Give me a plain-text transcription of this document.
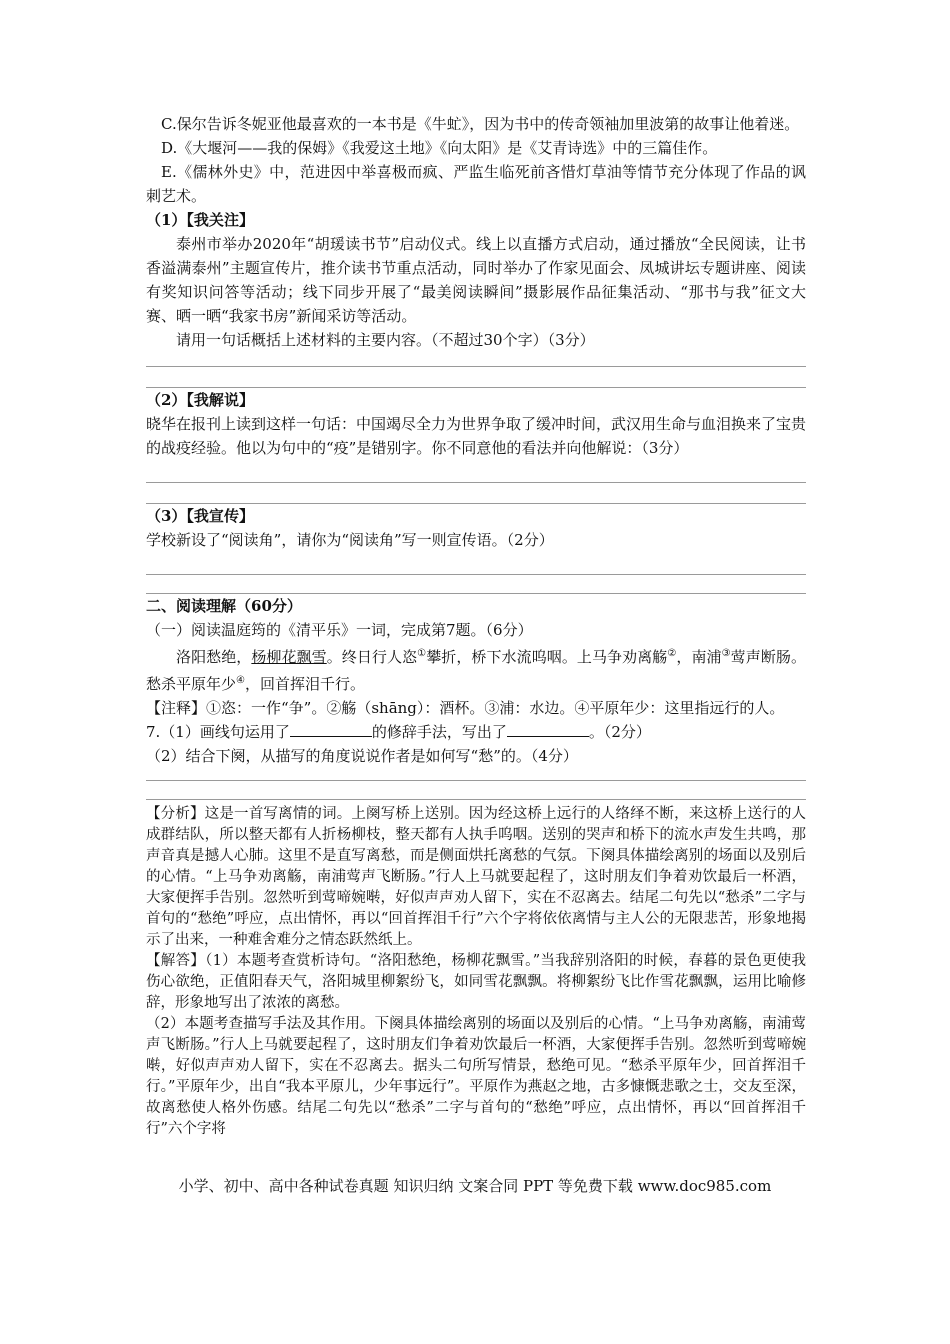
C.保尔告诉冬妮亚他最喜欢的一本书是《牛虻》，因为书中的传奇领袖加里波第的故事让他着迷。

D.《大堰河——我的保姆》《我爱这土地》《向太阳》是《艾青诗选》中的三篇佳作。

E.《儒林外史》中，范进因中举喜极而疯、严监生临死前吝惜灯草油等情节充分体现了作品的讽刺艺术。

（1）【我关注】

泰州市举办2020年“胡瑗读书节”启动仪式。线上以直播方式启动，通过播放“全民阅读，让书香溢满泰州”主题宣传片，推介读书节重点活动，同时举办了作家见面会、凤城讲坛专题讲座、阅读有奖知识问答等活动；线下同步开展了“最美阅读瞬间”摄影展作品征集活动、“那书与我”征文大赛、晒一晒“我家书房”新闻采访等活动。

请用一句话概括上述材料的主要内容。（不超过30个字）（3分）

（2）【我解说】

晓华在报刊上读到这样一句话：中国竭尽全力为世界争取了缓冲时间，武汉用生命与血泪换来了宝贵的战疫经验。他以为句中的“疫”是错别字。你不同意他的看法并向他解说：（3分）

（3）【我宣传】

学校新设了“阅读角”，请你为“阅读角”写一则宣传语。（2分）

二、阅读理解（60分）

（一）阅读温庭筠的《清平乐》一词，完成第7题。（6分）

洛阳愁绝，杨柳花飘雪。终日行人恣①攀折，桥下水流呜咽。上马争劝离觞②，南浦③莺声断肠。愁杀平原年少④，回首挥泪千行。

【注释】①恣：一作“争”。②觞（shāng）：酒杯。③浦：水边。④平原年少：这里指远行的人。

7.（1）画线句运用了	的修辞手法，写出了	。（2分）

（2）结合下阕，从描写的角度说说作者是如何写“愁”的。（4分）

【分析】这是一首写离情的词。上阕写桥上送别。因为经这桥上远行的人络绎不断，来这桥上送行的人成群结队，所以整天都有人折杨柳枝，整天都有人执手呜咽。送别的哭声和桥下的流水声发生共鸣，那声音真是撼人心肺。这里不是直写离愁，而是侧面烘托离愁的气氛。下阕具体描绘离别的场面以及别后的心情。“上马争劝离觞，南浦莺声飞断肠。”行人上马就要起程了，这时朋友们争着劝饮最后一杯酒，大家便挥手告别。忽然听到莺啼婉啭，好似声声劝人留下，实在不忍离去。结尾二句先以“愁杀”二字与首句的“愁绝”呼应，点出情怀，再以“回首挥泪千行”六个字将依依离情与主人公的无限悲苦，形象地揭示了出来，一种难舍难分之情态跃然纸上。

【解答】（1）本题考查赏析诗句。“洛阳愁绝，杨柳花飘雪。”当我辞别洛阳的时候，春暮的景色更使我伤心欲绝，正值阳春天气，洛阳城里柳絮纷飞，如同雪花飘飘。将柳絮纷飞比作雪花飘飘，运用比喻修辞，形象地写出了浓浓的离愁。

（2）本题考查描写手法及其作用。下阕具体描绘离别的场面以及别后的心情。“上马争劝离觞，南浦莺声飞断肠。”行人上马就要起程了，这时朋友们争着劝饮最后一杯酒，大家便挥手告别。忽然听到莺啼婉啭，好似声声劝人留下，实在不忍离去。据头二句所写情景，愁绝可见。“愁杀平原年少，回首挥泪千行。”平原年少，出自“我本平原儿，少年事远行”。平原作为燕赵之地，古多慷慨悲歌之士，交友至深，故离愁使人格外伤感。结尾二句先以“愁杀”二字与首句的“愁绝”呼应，点出情怀，再以“回首挥泪千行”六个字将

小学、初中、高中各种试卷真题 知识归纳 文案合同 PPT 等免费下载 www.doc985.com
